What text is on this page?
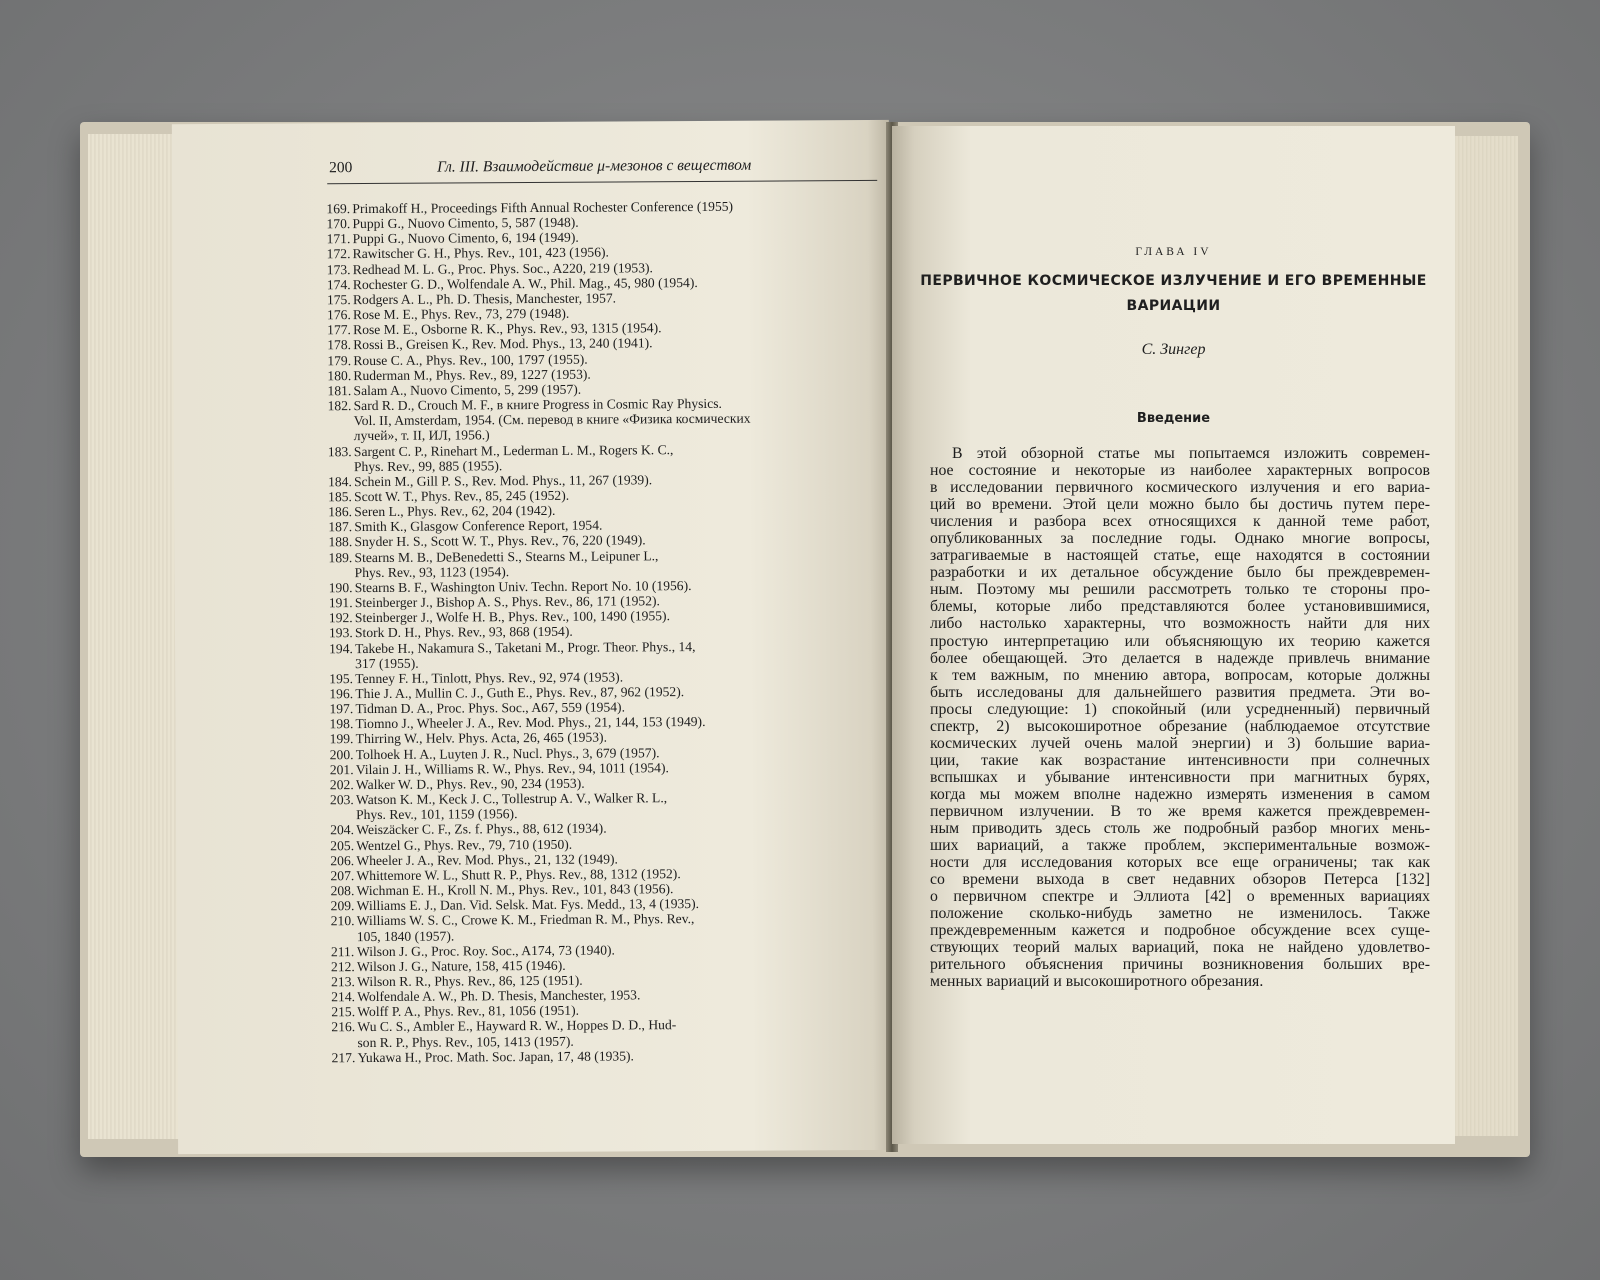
200	Гл. III. Взаимодействие μ-мезонов с веществом
169. Primakoff H., Proceedings Fifth Annual Rochester Conference (1955)
170. Puppi G., Nuovo Cimento, 5, 587 (1948).
171. Puppi G., Nuovo Cimento, 6, 194 (1949).
172. Rawitscher G. H., Phys. Rev., 101, 423 (1956).
173. Redhead M. L. G., Proc. Phys. Soc., A220, 219 (1953).
174. Rochester G. D., Wolfendale A. W., Phil. Mag., 45, 980 (1954).
175. Rodgers A. L., Ph. D. Thesis, Manchester, 1957.
176. Rose M. E., Phys. Rev., 73, 279 (1948).
177. Rose M. E., Osborne R. K., Phys. Rev., 93, 1315 (1954).
178. Rossi B., Greisen K., Rev. Mod. Phys., 13, 240 (1941).
179. Rouse C. A., Phys. Rev., 100, 1797 (1955).
180. Ruderman M., Phys. Rev., 89, 1227 (1953).
181. Salam A., Nuovo Cimento, 5, 299 (1957).
182. Sard R. D., Crouch M. F., в книге Progress in Cosmic Ray Physics.
Vol. II, Amsterdam, 1954. (См. перевод в книге «Физика космических
лучей», т. II, ИЛ, 1956.)
183. Sargent C. P., Rinehart M., Lederman L. M., Rogers K. C.,
Phys. Rev., 99, 885 (1955).
184. Schein M., Gill P. S., Rev. Mod. Phys., 11, 267 (1939).
185. Scott W. T., Phys. Rev., 85, 245 (1952).
186. Seren L., Phys. Rev., 62, 204 (1942).
187. Smith K., Glasgow Conference Report, 1954.
188. Snyder H. S., Scott W. T., Phys. Rev., 76, 220 (1949).
189. Stearns M. B., DeBenedetti S., Stearns M., Leipuner L.,
Phys. Rev., 93, 1123 (1954).
190. Stearns B. F., Washington Univ. Techn. Report No. 10 (1956).
191. Steinberger J., Bishop A. S., Phys. Rev., 86, 171 (1952).
192. Steinberger J., Wolfe H. B., Phys. Rev., 100, 1490 (1955).
193. Stork D. H., Phys. Rev., 93, 868 (1954).
194. Takebe H., Nakamura S., Taketani M., Progr. Theor. Phys., 14,
317 (1955).
195. Tenney F. H., Tinlott, Phys. Rev., 92, 974 (1953).
196. Thie J. A., Mullin C. J., Guth E., Phys. Rev., 87, 962 (1952).
197. Tidman D. A., Proc. Phys. Soc., A67, 559 (1954).
198. Tiomno J., Wheeler J. A., Rev. Mod. Phys., 21, 144, 153 (1949).
199. Thirring W., Helv. Phys. Acta, 26, 465 (1953).
200. Tolhoek H. A., Luyten J. R., Nucl. Phys., 3, 679 (1957).
201. Vilain J. H., Williams R. W., Phys. Rev., 94, 1011 (1954).
202. Walker W. D., Phys. Rev., 90, 234 (1953).
203. Watson K. M., Keck J. C., Tollestrup A. V., Walker R. L.,
Phys. Rev., 101, 1159 (1956).
204. Weiszäcker C. F., Zs. f. Phys., 88, 612 (1934).
205. Wentzel G., Phys. Rev., 79, 710 (1950).
206. Wheeler J. A., Rev. Mod. Phys., 21, 132 (1949).
207. Whittemore W. L., Shutt R. P., Phys. Rev., 88, 1312 (1952).
208. Wichman E. H., Kroll N. M., Phys. Rev., 101, 843 (1956).
209. Williams E. J., Dan. Vid. Selsk. Mat. Fys. Medd., 13, 4 (1935).
210. Williams W. S. C., Crowe K. M., Friedman R. M., Phys. Rev.,
105, 1840 (1957).
211. Wilson J. G., Proc. Roy. Soc., A174, 73 (1940).
212. Wilson J. G., Nature, 158, 415 (1946).
213. Wilson R. R., Phys. Rev., 86, 125 (1951).
214. Wolfendale A. W., Ph. D. Thesis, Manchester, 1953.
215. Wolff P. A., Phys. Rev., 81, 1056 (1951).
216. Wu C. S., Ambler E., Hayward R. W., Hoppes D. D., Hud-
son R. P., Phys. Rev., 105, 1413 (1957).
217. Yukawa H., Proc. Math. Soc. Japan, 17, 48 (1935).
ГЛАВА IV
ПЕРВИЧНОЕ КОСМИЧЕСКОЕ ИЗЛУЧЕНИЕ И ЕГО ВРЕМЕННЫЕ ВАРИАЦИИ
С. Зингер
Введение
В этой обзорной статье мы попытаемся изложить современ-
ное состояние и некоторые из наиболее характерных вопросов
в исследовании первичного космического излучения и его вариа-
ций во времени. Этой цели можно было бы достичь путем пере-
числения и разбора всех относящихся к данной теме работ,
опубликованных за последние годы. Однако многие вопросы,
затрагиваемые в настоящей статье, еще находятся в состоянии
разработки и их детальное обсуждение было бы преждевремен-
ным. Поэтому мы решили рассмотреть только те стороны про-
блемы, которые либо представляются более установившимися,
либо настолько характерны, что возможность найти для них
простую интерпретацию или объясняющую их теорию кажется
более обещающей. Это делается в надежде привлечь внимание
к тем важным, по мнению автора, вопросам, которые должны
быть исследованы для дальнейшего развития предмета. Эти во-
просы следующие: 1) спокойный (или усредненный) первичный
спектр, 2) высокоширотное обрезание (наблюдаемое отсутствие
космических лучей очень малой энергии) и 3) большие вариа-
ции, такие как возрастание интенсивности при солнечных
вспышках и убывание интенсивности при магнитных бурях,
когда мы можем вполне надежно измерять изменения в самом
первичном излучении. В то же время кажется преждевремен-
ным приводить здесь столь же подробный разбор многих мень-
ших вариаций, а также проблем, экспериментальные возмож-
ности для исследования которых все еще ограничены; так как
со времени выхода в свет недавних обзоров Петерса [132]
о первичном спектре и Эллиота [42] о временных вариациях
положение сколько-нибудь заметно не изменилось. Также
преждевременным кажется и подробное обсуждение всех суще-
ствующих теорий малых вариаций, пока не найдено удовлетво-
рительного объяснения причины возникновения больших вре-
менных вариаций и высокоширотного обрезания.
